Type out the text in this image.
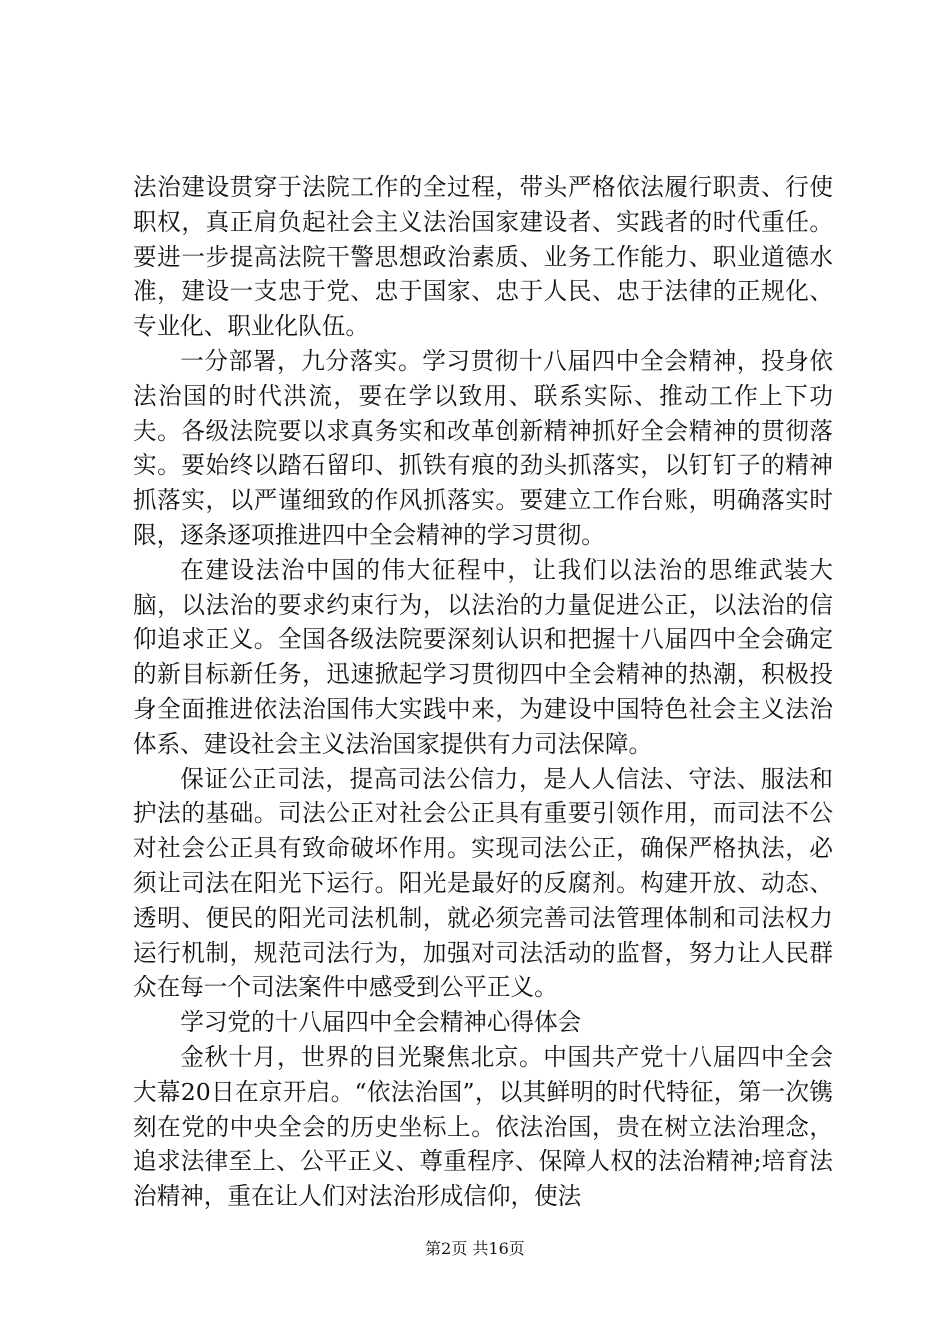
法治建设贯穿于法院工作的全过程，带头严格依法履行职责、行使职权，真正肩负起社会主义法治国家建设者、实践者的时代重任。要进一步提高法院干警思想政治素质、业务工作能力、职业道德水准，建设一支忠于党、忠于国家、忠于人民、忠于法律的正规化、专业化、职业化队伍。

一分部署，九分落实。学习贯彻十八届四中全会精神，投身依法治国的时代洪流，要在学以致用、联系实际、推动工作上下功夫。各级法院要以求真务实和改革创新精神抓好全会精神的贯彻落实。要始终以踏石留印、抓铁有痕的劲头抓落实，以钉钉子的精神抓落实，以严谨细致的作风抓落实。要建立工作台账，明确落实时限，逐条逐项推进四中全会精神的学习贯彻。

在建设法治中国的伟大征程中，让我们以法治的思维武装大脑，以法治的要求约束行为，以法治的力量促进公正，以法治的信仰追求正义。全国各级法院要深刻认识和把握十八届四中全会确定的新目标新任务，迅速掀起学习贯彻四中全会精神的热潮，积极投身全面推进依法治国伟大实践中来，为建设中国特色社会主义法治体系、建设社会主义法治国家提供有力司法保障。

保证公正司法，提高司法公信力，是人人信法、守法、服法和护法的基础。司法公正对社会公正具有重要引领作用，而司法不公对社会公正具有致命破坏作用。实现司法公正，确保严格执法，必须让司法在阳光下运行。阳光是最好的反腐剂。构建开放、动态、透明、便民的阳光司法机制，就必须完善司法管理体制和司法权力运行机制，规范司法行为，加强对司法活动的监督，努力让人民群众在每一个司法案件中感受到公平正义。

学习党的十八届四中全会精神心得体会

金秋十月，世界的目光聚焦北京。中国共产党十八届四中全会大幕20日在京开启。“依法治国”，以其鲜明的时代特征，第一次镌刻在党的中央全会的历史坐标上。依法治国，贵在树立法治理念，追求法律至上、公平正义、尊重程序、保障人权的法治精神;培育法治精神，重在让人们对法治形成信仰，使法

第2页 共16页
